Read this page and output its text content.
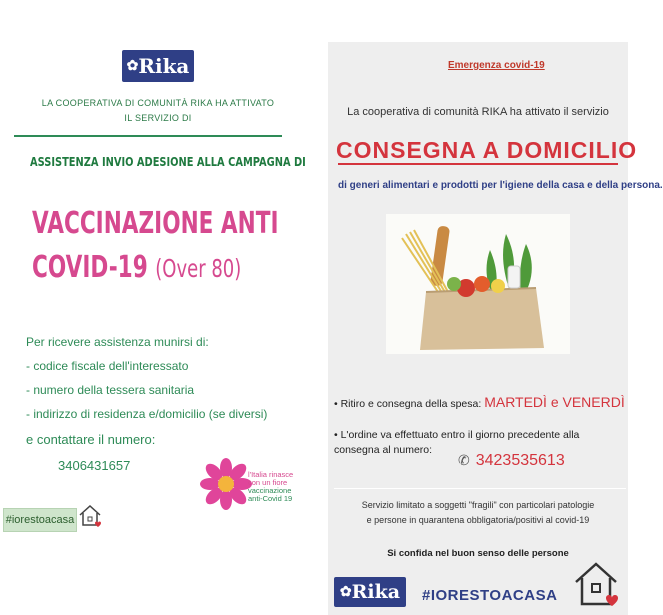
✿ Rika
LA COOPERATIVA DI COMUNITÀ RIKA HA ATTIVATO IL SERVIZIO DI
ASSISTENZA INVIO ADESIONE ALLA CAMPAGNA DI
VACCINAZIONE ANTI
COVID-19 (Over 80)
Per ricevere assistenza munirsi di:
- codice fiscale dell'interessato
- numero della tessera sanitaria
- indirizzo di residenza e/domicilio (se diversi)
e contattare il numero:
3406431657
l'Italia rinasce
con un fiore
vaccinazione
anti-Covid 19
#iorestoacasa
Emergenza covid-19
La cooperativa di comunità RIKA ha attivato il servizio
CONSEGNA A DOMICILIO
di generi alimentari e prodotti per l'igiene della casa e della persona.
• Ritiro e consegna della spesa: MARTEDÌ e VENERDÌ
• L'ordine va effettuato entro il giorno precedente alla
consegna al numero:
✆ 3423535613
Servizio limitato a soggetti "fragili" con particolari patologie
e persone in quarantena obbligatoria/positivi al covid-19
Si confida nel buon senso delle persone
✿ Rika #IORESTOACASA
